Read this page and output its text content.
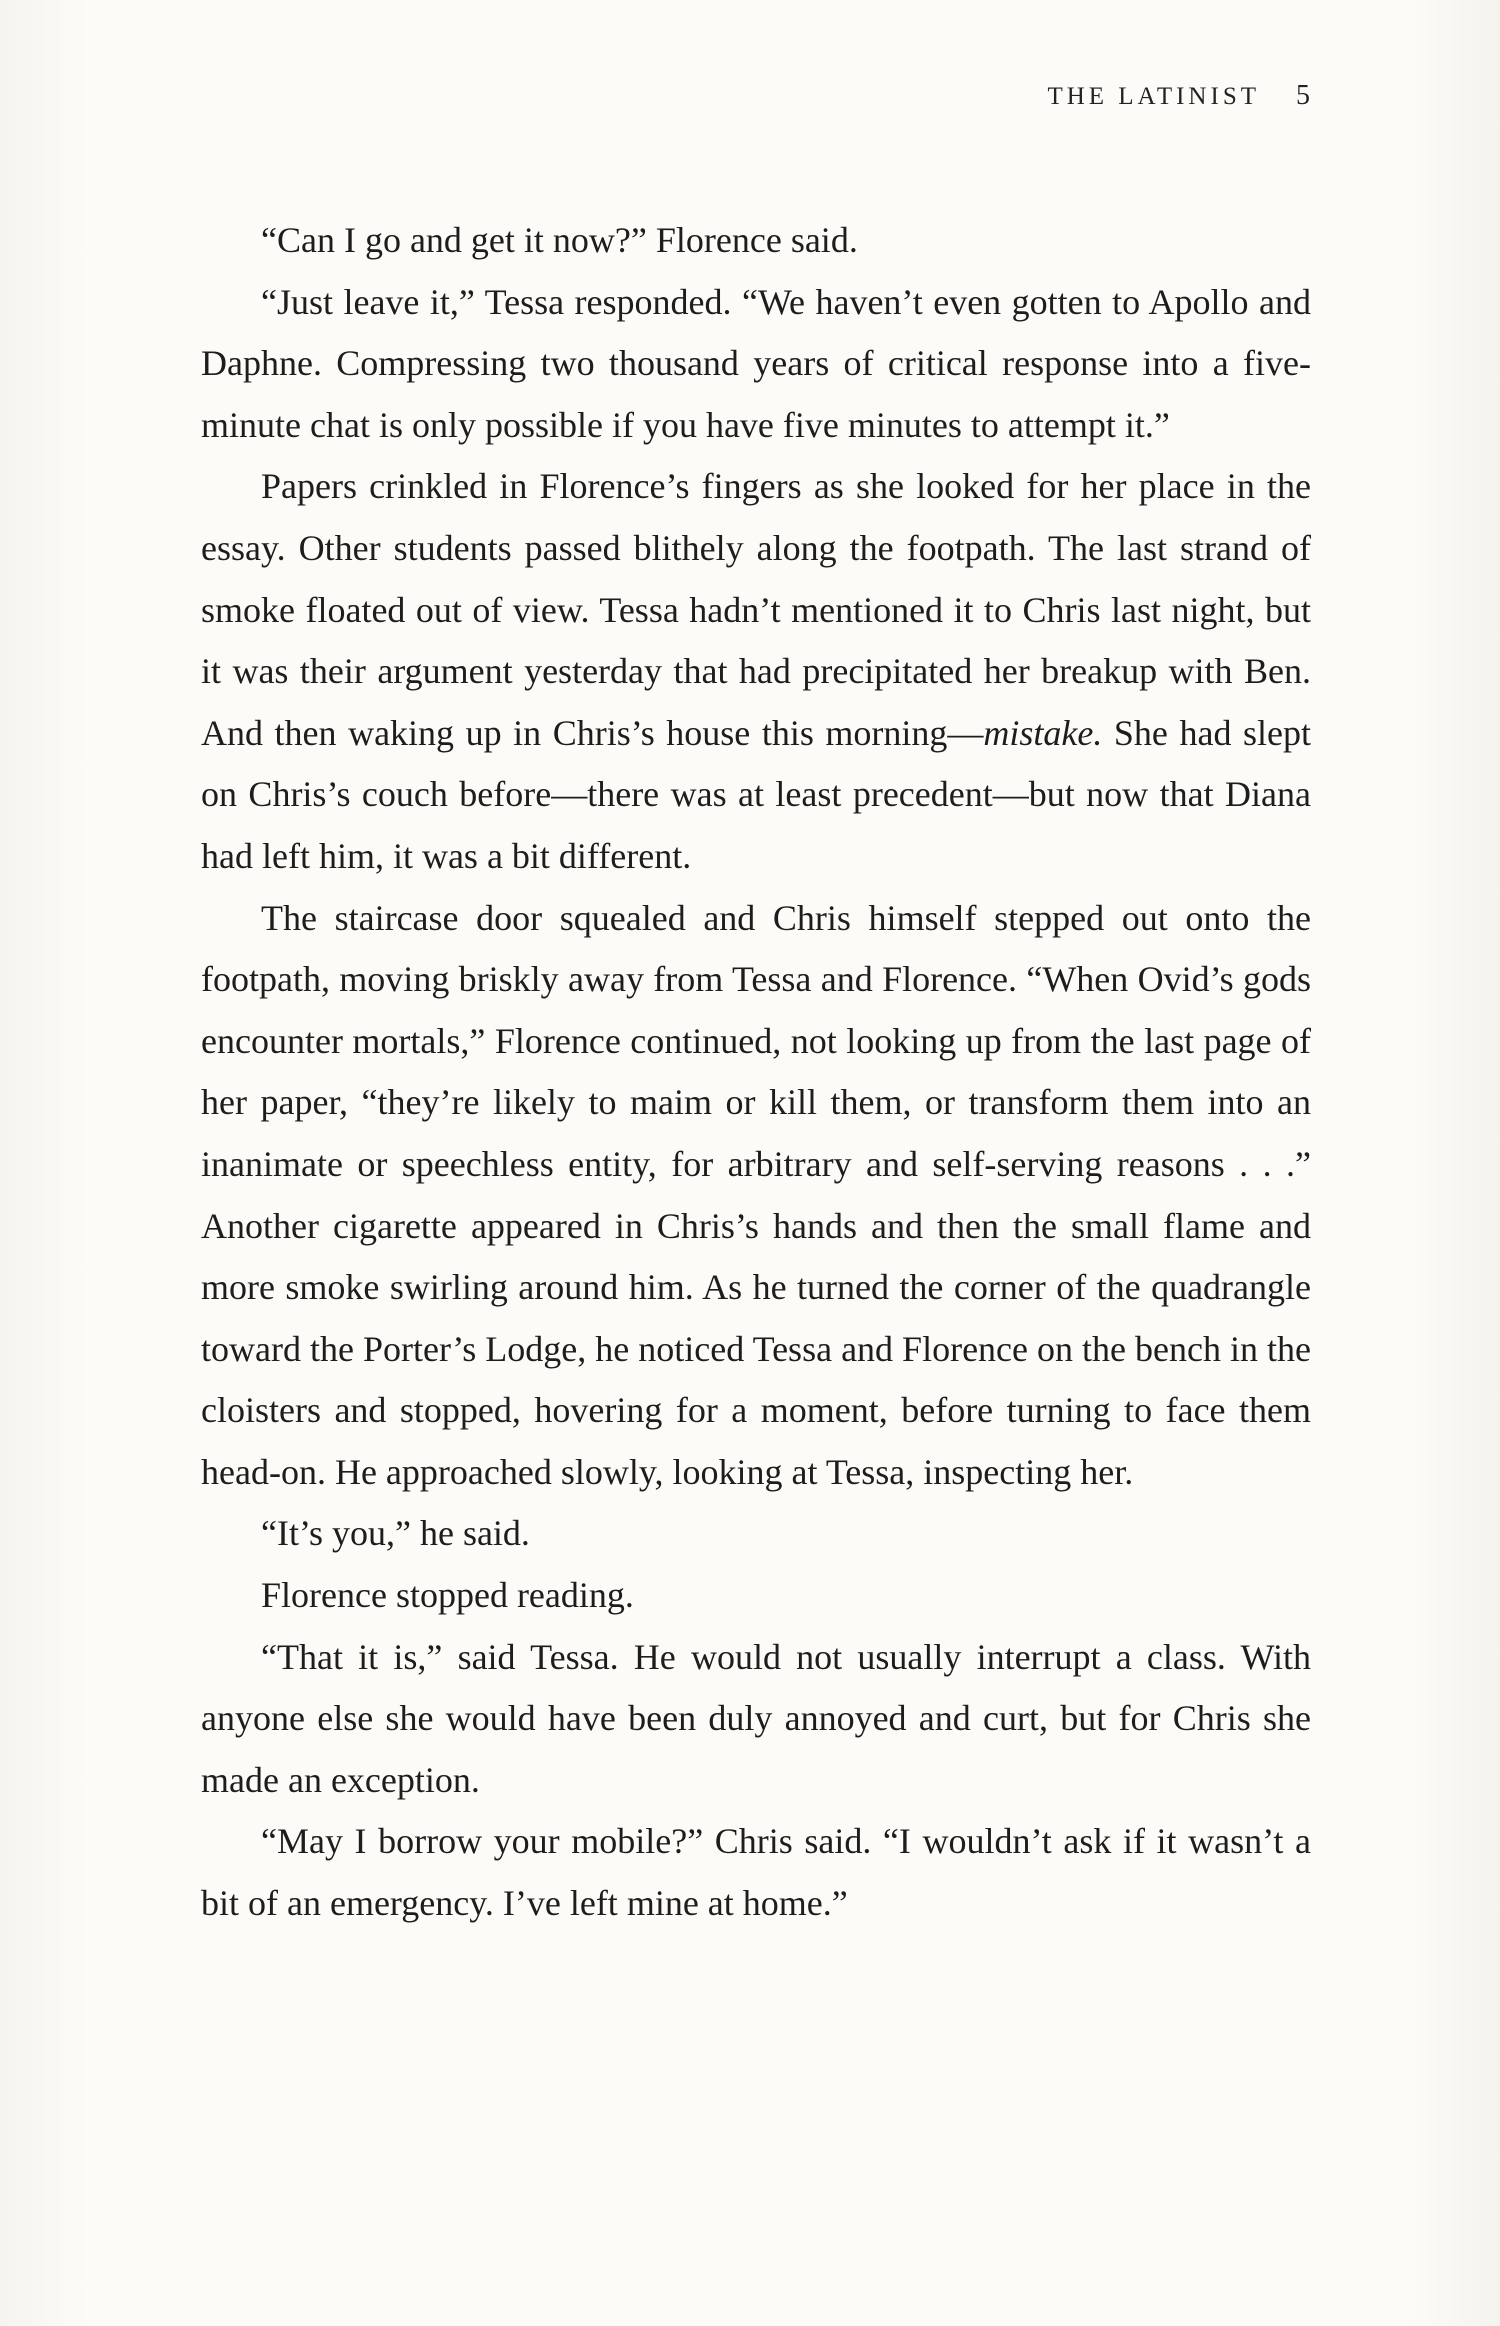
THE LATINIST 5

“Can I go and get it now?” Florence said.

“Just leave it,” Tessa responded. “We haven’t even gotten to Apollo and Daphne. Compressing two thousand years of critical response into a five-minute chat is only possible if you have five minutes to attempt it.”

Papers crinkled in Florence’s fingers as she looked for her place in the essay. Other students passed blithely along the footpath. The last strand of smoke floated out of view. Tessa hadn’t mentioned it to Chris last night, but it was their argument yesterday that had precipitated her breakup with Ben. And then waking up in Chris’s house this morning—mistake. She had slept on Chris’s couch before—there was at least precedent—but now that Diana had left him, it was a bit different.

The staircase door squealed and Chris himself stepped out onto the footpath, moving briskly away from Tessa and Florence. “When Ovid’s gods encounter mortals,” Florence continued, not looking up from the last page of her paper, “they’re likely to maim or kill them, or transform them into an inanimate or speechless entity, for arbitrary and self-serving reasons . . .” Another cigarette appeared in Chris’s hands and then the small flame and more smoke swirling around him. As he turned the corner of the quadrangle toward the Porter’s Lodge, he noticed Tessa and Florence on the bench in the cloisters and stopped, hovering for a moment, before turning to face them head-on. He approached slowly, looking at Tessa, inspecting her.

“It’s you,” he said.

Florence stopped reading.

“That it is,” said Tessa. He would not usually interrupt a class. With anyone else she would have been duly annoyed and curt, but for Chris she made an exception.

“May I borrow your mobile?” Chris said. “I wouldn’t ask if it wasn’t a bit of an emergency. I’ve left mine at home.”
